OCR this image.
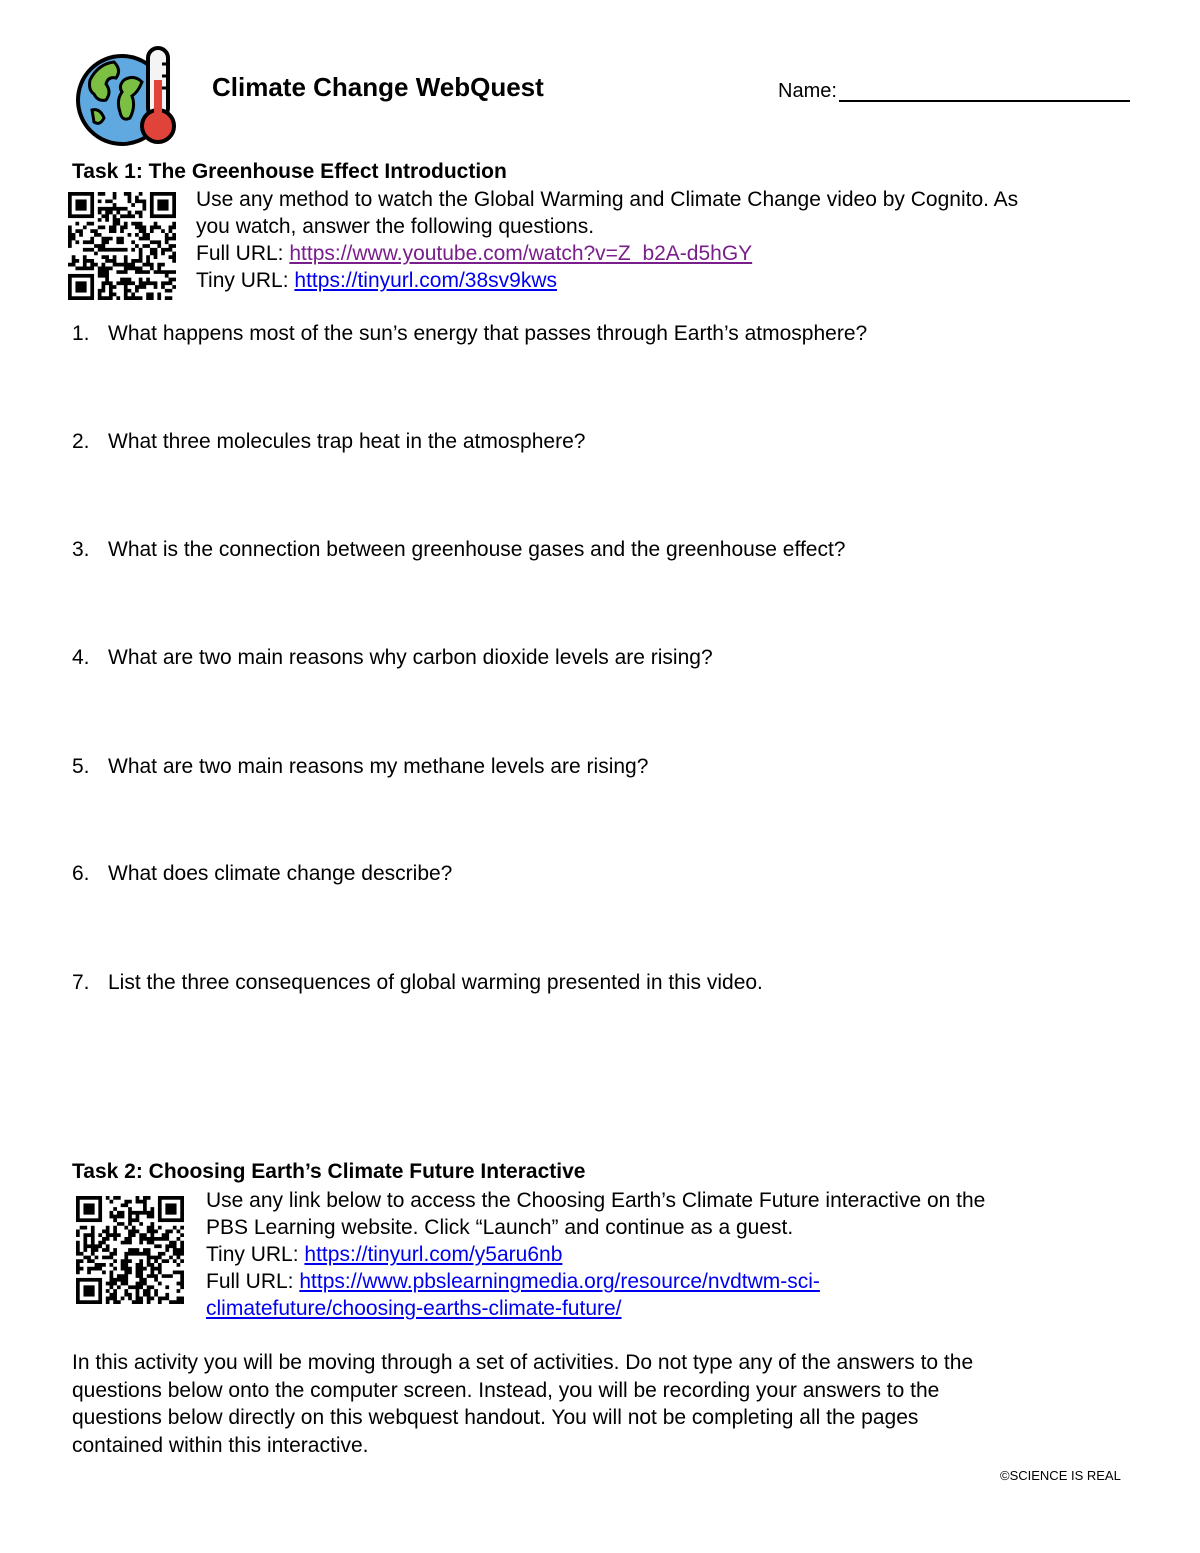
Climate Change WebQuest	Name:
Task 1: The Greenhouse Effect Introduction
Use any method to watch the Global Warming and Climate Change video by Cognito. As
you watch, answer the following questions.
Full URL: https://www.youtube.com/watch?v=Z_b2A-d5hGY
Tiny URL: https://tinyurl.com/38sv9kws
1. What happens most of the sun’s energy that passes through Earth’s atmosphere?
2. What three molecules trap heat in the atmosphere?
3. What is the connection between greenhouse gases and the greenhouse effect?
4. What are two main reasons why carbon dioxide levels are rising?
5. What are two main reasons my methane levels are rising?
6. What does climate change describe?
7. List the three consequences of global warming presented in this video.
Task 2: Choosing Earth’s Climate Future Interactive
Use any link below to access the Choosing Earth’s Climate Future interactive on the
PBS Learning website. Click “Launch” and continue as a guest.
Tiny URL: https://tinyurl.com/y5aru6nb
Full URL: https://www.pbslearningmedia.org/resource/nvdtwm-sci-
climatefuture/choosing-earths-climate-future/
In this activity you will be moving through a set of activities. Do not type any of the answers to the
questions below onto the computer screen. Instead, you will be recording your answers to the
questions below directly on this webquest handout. You will not be completing all the pages
contained within this interactive.
©SCIENCE IS REAL
